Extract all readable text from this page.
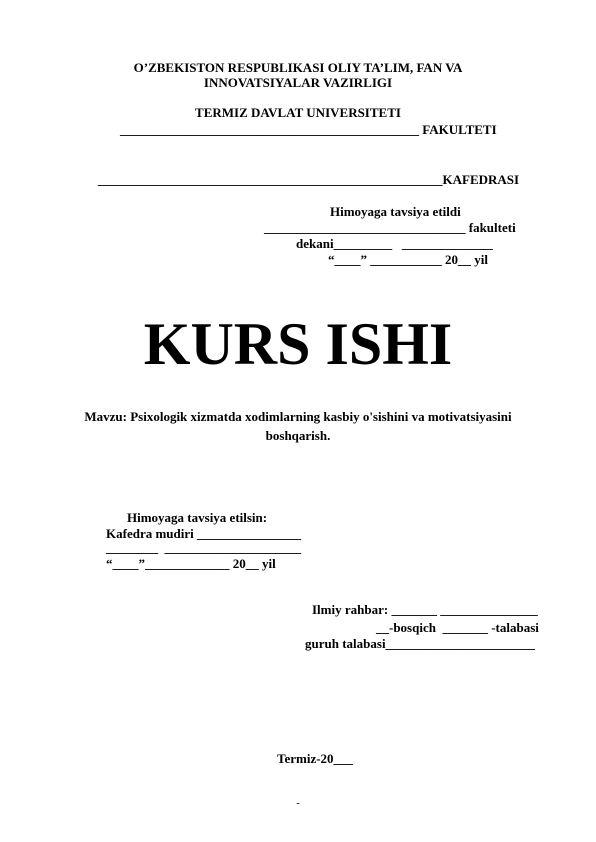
O’ZBEKISTON RESPUBLIKASI OLIY TA’LIM, FAN VA
INNOVATSIYALAR VAZIRLIGI
TERMIZ DAVLAT UNIVERSITETI
______________________________________________ FAKULTETI
_____________________________________________________KAFEDRASI
Himoyaga tavsiya etildi
_______________________________ fakulteti
dekani_________   ______________
“____” ___________ 20__ yil
KURS ISHI
Mavzu: Psixologik xizmatda xodimlarning kasbiy o'sishini va motivatsiyasini
boshqarish.
Himoyaga tavsiya etilsin:
Kafedra mudiri ________________
________  _____________________
“____”_____________ 20__ yil
Ilmiy rahbar: _______ _______________
__-bosqich  _______ -talabasi
guruh talabasi_______________________
Termiz-20___
-
